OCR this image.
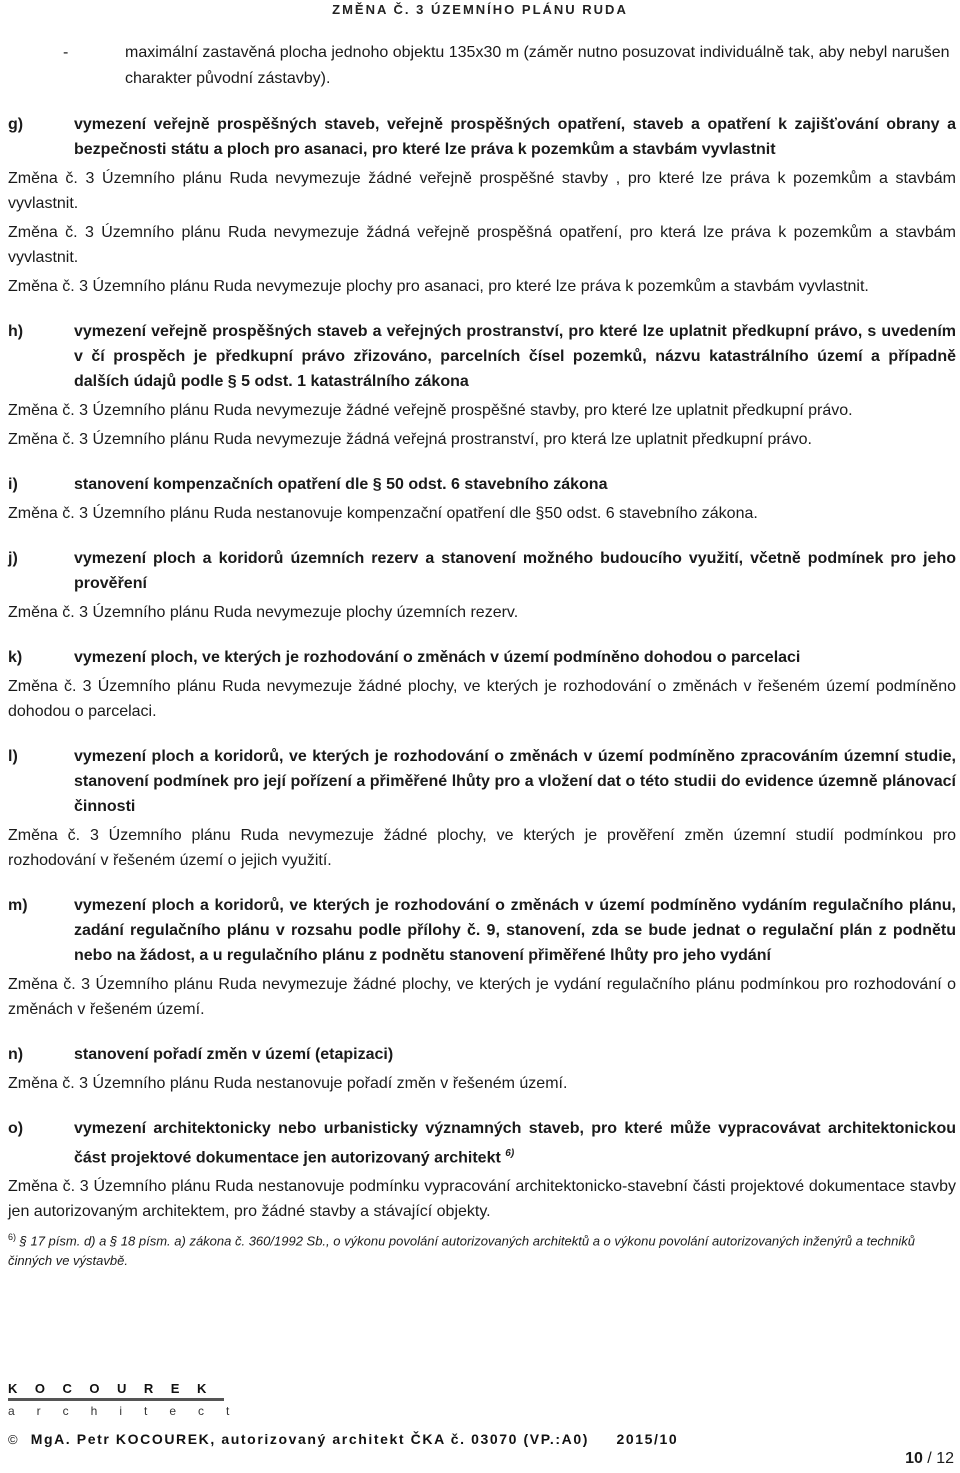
ZMĚNA Č. 3 ÚZEMNÍHO PLÁNU RUDA
-	maximální zastavěná plocha jednoho objektu 135x30 m (záměr nutno posuzovat individuálně tak, aby nebyl narušen charakter původní zástavby).
g)	vymezení veřejně prospěšných staveb, veřejně prospěšných opatření, staveb a opatření k zajišťování obrany a bezpečnosti státu a ploch pro asanaci, pro které lze práva k pozemkům a stavbám vyvlastnit
Změna č. 3 Územního plánu Ruda nevymezuje žádné veřejně prospěšné stavby , pro které lze práva k pozemkům a stavbám vyvlastnit.
Změna č. 3 Územního plánu Ruda nevymezuje žádná veřejně prospěšná opatření, pro která lze práva k pozemkům a stavbám vyvlastnit.
Změna č. 3 Územního plánu Ruda nevymezuje plochy pro asanaci, pro které lze práva k pozemkům a stavbám vyvlastnit.
h)	vymezení veřejně prospěšných staveb a veřejných prostranství, pro které lze uplatnit předkupní právo, s uvedením v čí prospěch je předkupní právo zřizováno, parcelních čísel pozemků, názvu katastrálního území a případně dalších údajů podle § 5 odst. 1 katastrálního zákona
Změna č. 3 Územního plánu Ruda nevymezuje žádné veřejně prospěšné stavby, pro které lze uplatnit předkupní právo.
Změna č. 3 Územního plánu Ruda nevymezuje žádná veřejná prostranství, pro která lze uplatnit předkupní právo.
i)	stanovení kompenzačních opatření dle § 50 odst. 6 stavebního zákona
Změna č. 3 Územního plánu Ruda nestanovuje kompenzační opatření dle §50 odst. 6 stavebního zákona.
j)	vymezení ploch a koridorů územních rezerv a stanovení možného budoucího využití, včetně podmínek pro jeho prověření
Změna č. 3 Územního plánu Ruda nevymezuje plochy územních rezerv.
k)	vymezení ploch, ve kterých je rozhodování o změnách v území podmíněno dohodou o parcelaci
Změna č. 3 Územního plánu Ruda nevymezuje žádné plochy, ve kterých je rozhodování o změnách v řešeném území podmíněno dohodou o parcelaci.
l)	vymezení ploch a koridorů, ve kterých je rozhodování o změnách v území podmíněno zpracováním územní studie, stanovení podmínek pro její pořízení a přiměřené lhůty pro a vložení dat o této studii do evidence územně plánovací činnosti
Změna č. 3 Územního plánu Ruda nevymezuje žádné plochy, ve kterých je prověření změn územní studií podmínkou pro rozhodování v řešeném území o jejich využití.
m)	vymezení ploch a koridorů, ve kterých je rozhodování o změnách v území podmíněno vydáním regulačního plánu, zadání regulačního plánu v rozsahu podle přílohy č. 9, stanovení, zda se bude jednat o regulační plán z podnětu nebo na žádost, a u regulačního plánu z podnětu stanovení přiměřené lhůty pro jeho vydání
Změna č. 3 Územního plánu Ruda nevymezuje žádné plochy, ve kterých je vydání regulačního plánu podmínkou pro rozhodování o změnách v řešeném území.
n)	stanovení pořadí změn v území (etapizaci)
Změna č. 3 Územního plánu Ruda nestanovuje pořadí změn v řešeném území.
o)	vymezení architektonicky nebo urbanisticky významných staveb, pro které může vypracovávat architektonickou část projektové dokumentace jen autorizovaný architekt $^{6)}$
Změna č. 3 Územního plánu Ruda nestanovuje podmínku vypracování architektonicko-stavební části projektové dokumentace stavby jen autorizovaným architektem, pro žádné stavby a stávající objekty.
$^{6)}$ § 17 písm. d) a § 18 písm. a) zákona č. 360/1992 Sb., o výkonu povolání autorizovaných architektů a o výkonu povolání autorizovaných inženýrů a techniků činných ve výstavbě.
KOCOUREK
architect
© MgA. Petr KOCOUREK, autorizovaný architekt ČKA č. 03070 (VP.:A0) 2015/10
10 / 12
